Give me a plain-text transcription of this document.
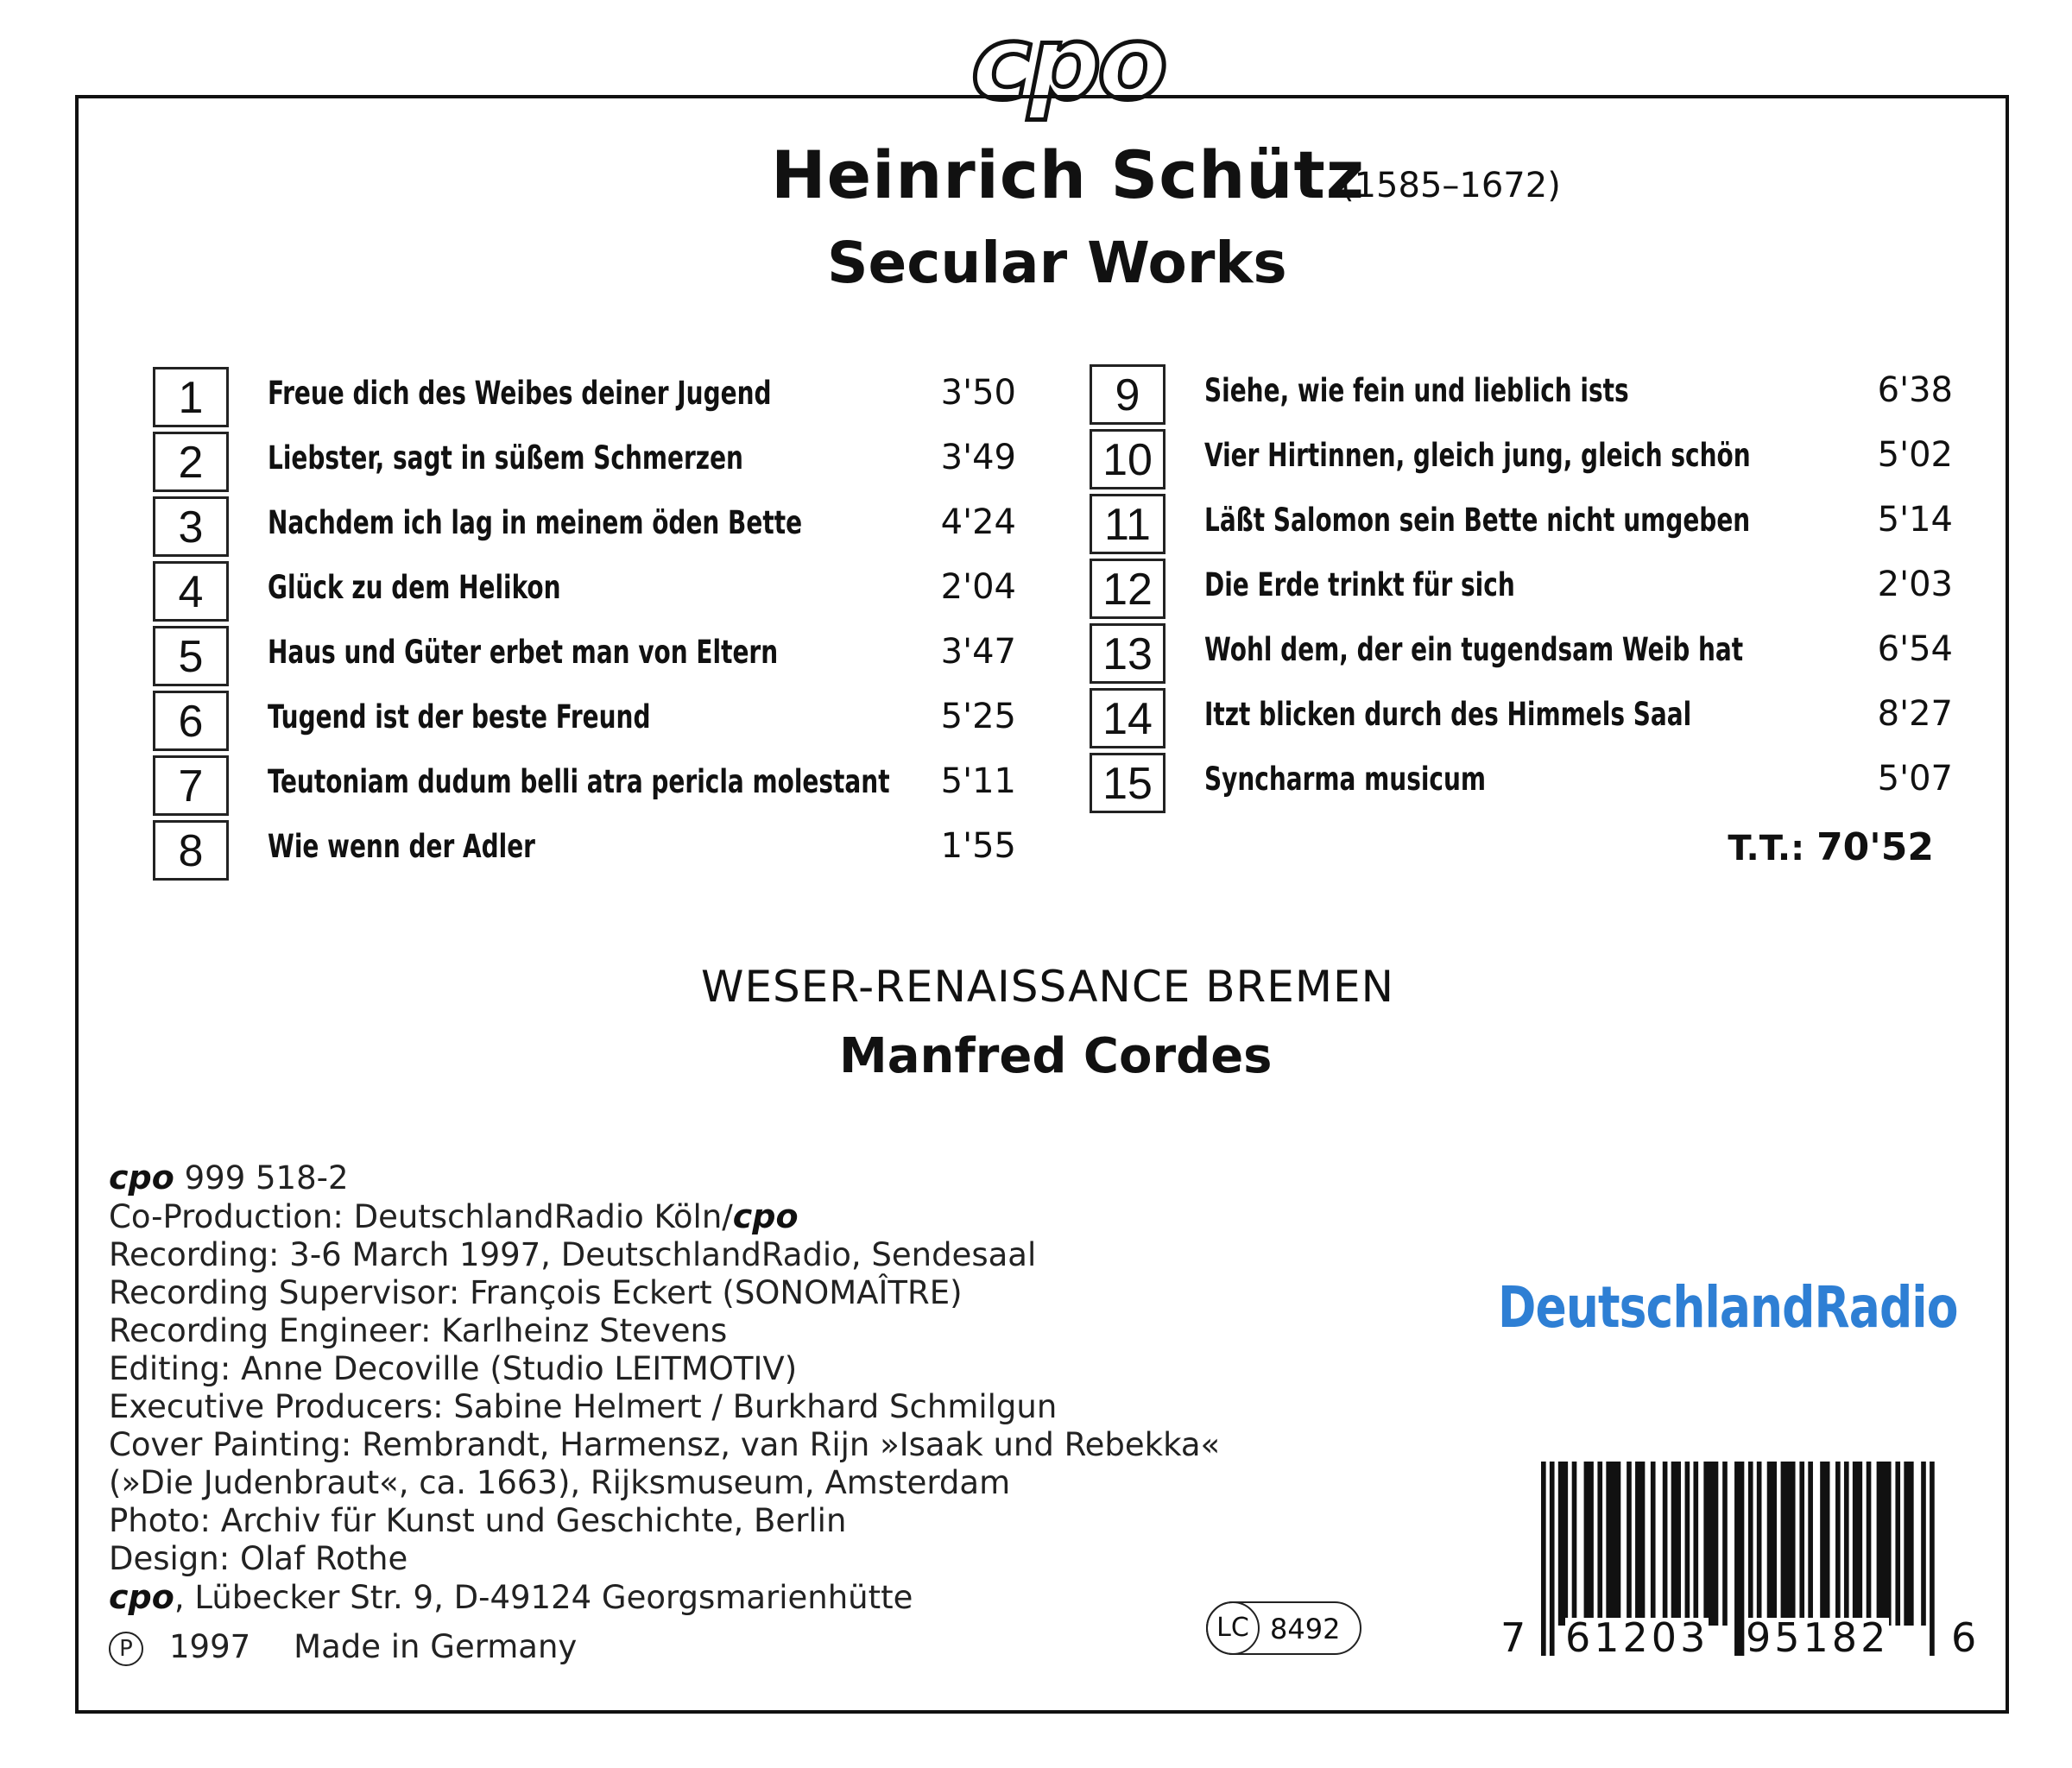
cpo
Heinrich Schütz
(1585–1672)
Secular Works
1	Freue dich des Weibes deiner Jugend	3'50
2	Liebster, sagt in süßem Schmerzen	3'49
3	Nachdem ich lag in meinem öden Bette	4'24
4	Glück zu dem Helikon	2'04
5	Haus und Güter erbet man von Eltern	3'47
6	Tugend ist der beste Freund	5'25
7	Teutoniam dudum belli atra pericla molestant 5'11
8	Wie wenn der Adler	1'55
9	Siehe, wie fein und lieblich ists	6'38
10	Vier Hirtinnen, gleich jung, gleich schön	5'02
11	Läßt Salomon sein Bette nicht umgeben	5'14
12	Die Erde trinkt für sich	2'03
13	Wohl dem, der ein tugendsam Weib hat	6'54
14	Itzt blicken durch des Himmels Saal	8'27
15	Syncharma musicum	5'07
T.T.: 70'52
WESER-RENAISSANCE BREMEN
Manfred Cordes
cpo 999 518-2
Co-Production: DeutschlandRadio Köln/cpo
Recording: 3-6 March 1997, DeutschlandRadio, Sendesaal
Recording Supervisor: François Eckert (SONOMAÎTRE)
Recording Engineer: Karlheinz Stevens
Editing: Anne Decoville (Studio LEITMOTIV)
Executive Producers: Sabine Helmert / Burkhard Schmilgun
Cover Painting: Rembrandt, Harmensz, van Rijn »Isaak und Rebekka«
(»Die Judenbraut«, ca. 1663), Rijksmuseum, Amsterdam
Photo: Archiv für Kunst und Geschichte, Berlin
Design: Olaf Rothe
cpo, Lübecker Str. 9, D-49124 Georgsmarienhütte
P 1997 Made in Germany
LC 8492
DeutschlandRadio
7 61203 95182 6
